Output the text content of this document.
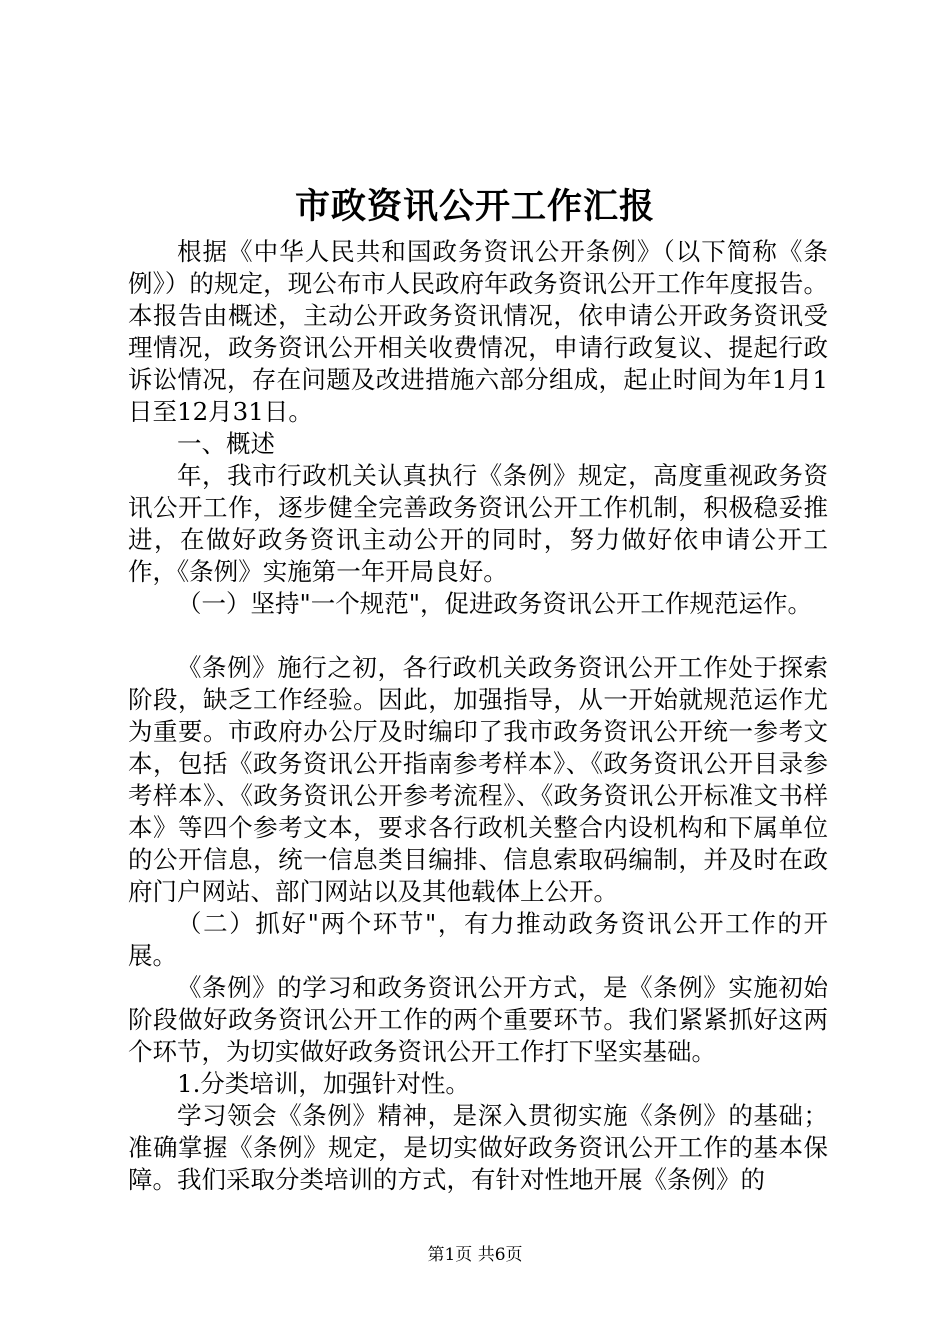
市政资讯公开工作汇报

根据《中华人民共和国政务资讯公开条例》（以下简称《条例》）的规定，现公布市人民政府年政务资讯公开工作年度报告。本报告由概述，主动公开政务资讯情况，依申请公开政务资讯受理情况，政务资讯公开相关收费情况，申请行政复议、提起行政诉讼情况，存在问题及改进措施六部分组成，起止时间为年1月1日至12月31日。

一、概述

年，我市行政机关认真执行《条例》规定，高度重视政务资讯公开工作，逐步健全完善政务资讯公开工作机制，积极稳妥推进，在做好政务资讯主动公开的同时，努力做好依申请公开工作，《条例》实施第一年开局良好。

（一）坚持"一个规范"，促进政务资讯公开工作规范运作。

《条例》施行之初，各行政机关政务资讯公开工作处于探索阶段，缺乏工作经验。因此，加强指导，从一开始就规范运作尤为重要。市政府办公厅及时编印了我市政务资讯公开统一参考文本，包括《政务资讯公开指南参考样本》、《政务资讯公开目录参考样本》、《政务资讯公开参考流程》、《政务资讯公开标准文书样本》等四个参考文本，要求各行政机关整合内设机构和下属单位的公开信息，统一信息类目编排、信息索取码编制，并及时在政府门户网站、部门网站以及其他载体上公开。

（二）抓好"两个环节"，有力推动政务资讯公开工作的开展。

《条例》的学习和政务资讯公开方式，是《条例》实施初始阶段做好政务资讯公开工作的两个重要环节。我们紧紧抓好这两个环节，为切实做好政务资讯公开工作打下坚实基础。

1.分类培训，加强针对性。

学习领会《条例》精神，是深入贯彻实施《条例》的基础；准确掌握《条例》规定，是切实做好政务资讯公开工作的基本保障。我们采取分类培训的方式，有针对性地开展《条例》的

第1页 共6页
